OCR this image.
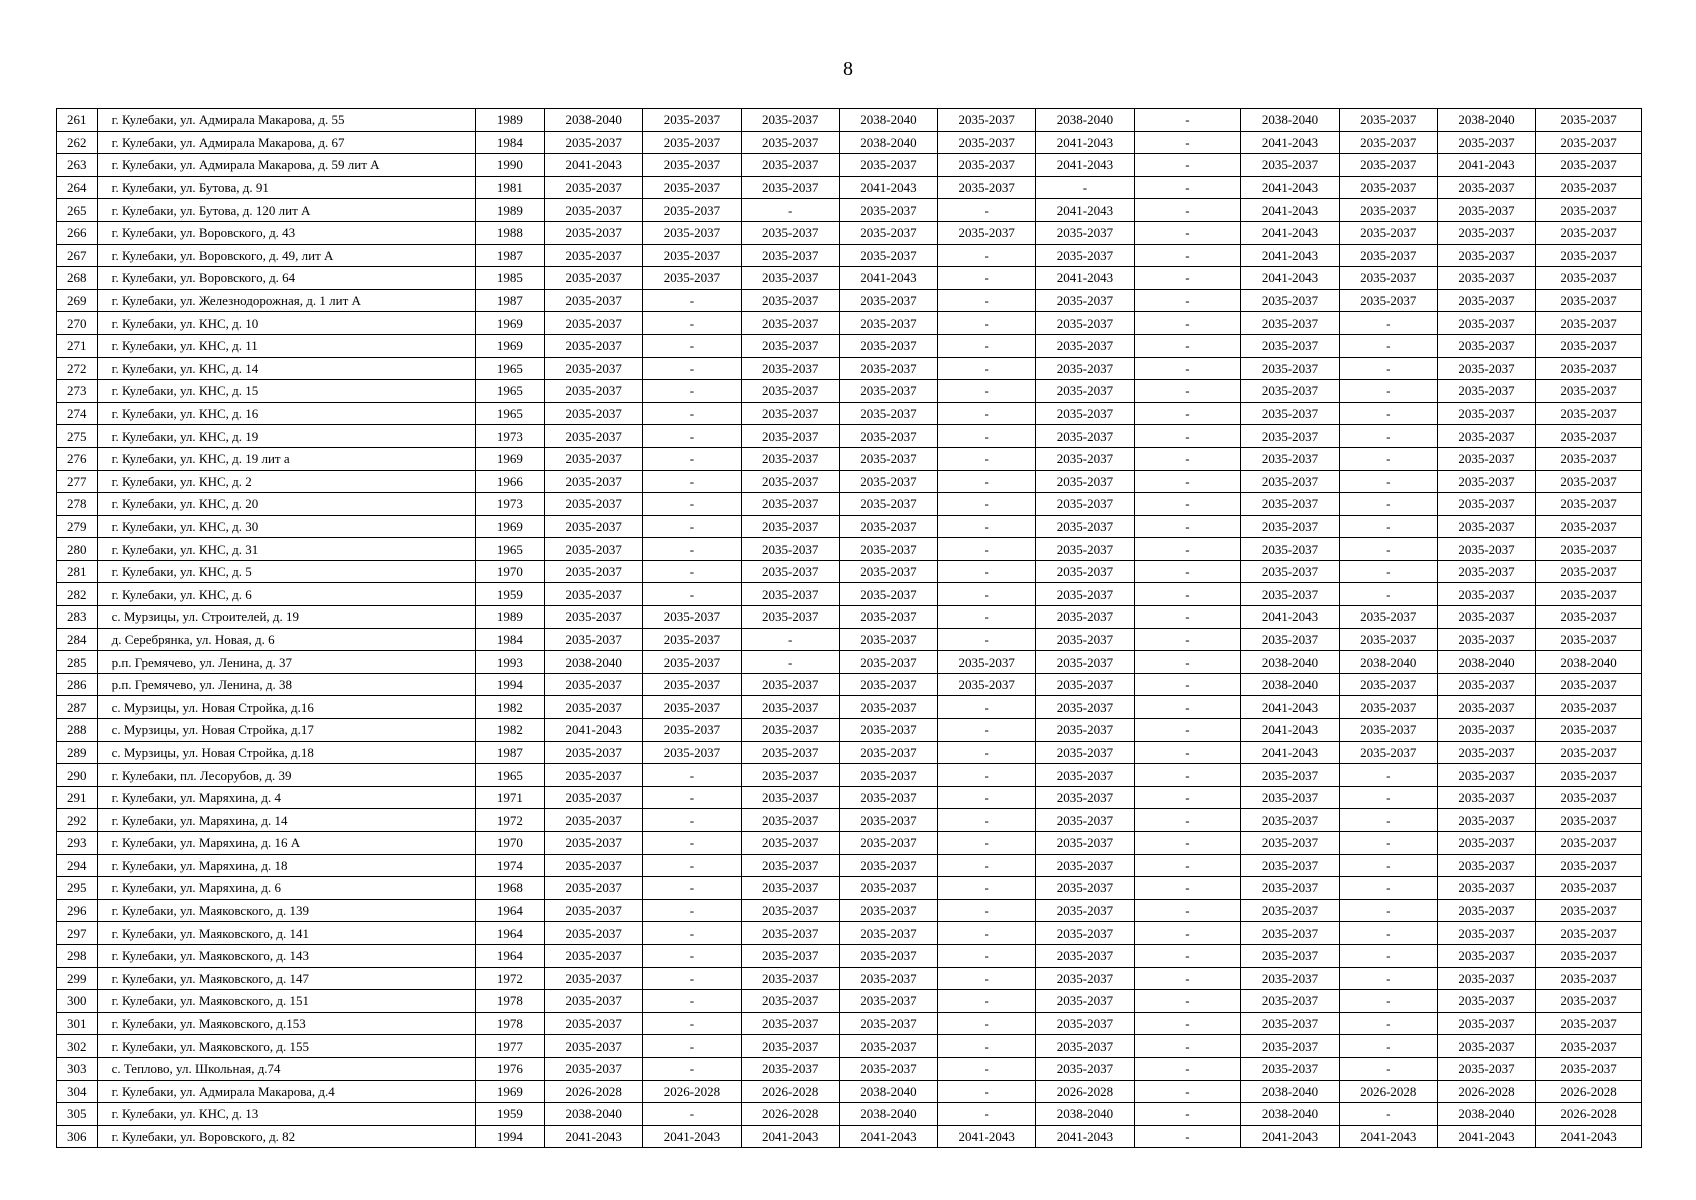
8
261	г. Кулебаки, ул. Адмирала Макарова, д. 55	1989	2038-2040	2035-2037	2035-2037	2038-2040	2035-2037	2038-2040	-	2038-2040	2035-2037	2038-2040	2035-2037
262	г. Кулебаки, ул. Адмирала Макарова, д. 67	1984	2035-2037	2035-2037	2035-2037	2038-2040	2035-2037	2041-2043	-	2041-2043	2035-2037	2035-2037	2035-2037
263	г. Кулебаки, ул. Адмирала Макарова, д. 59 лит А	1990	2041-2043	2035-2037	2035-2037	2035-2037	2035-2037	2041-2043	-	2035-2037	2035-2037	2041-2043	2035-2037
264	г. Кулебаки, ул. Бутова, д. 91	1981	2035-2037	2035-2037	2035-2037	2041-2043	2035-2037	-	-	2041-2043	2035-2037	2035-2037	2035-2037
265	г. Кулебаки, ул. Бутова, д. 120 лит А	1989	2035-2037	2035-2037	-	2035-2037	-	2041-2043	-	2041-2043	2035-2037	2035-2037	2035-2037
266	г. Кулебаки, ул. Воровского, д. 43	1988	2035-2037	2035-2037	2035-2037	2035-2037	2035-2037	2035-2037	-	2041-2043	2035-2037	2035-2037	2035-2037
267	г. Кулебаки, ул. Воровского, д. 49, лит А	1987	2035-2037	2035-2037	2035-2037	2035-2037	-	2035-2037	-	2041-2043	2035-2037	2035-2037	2035-2037
268	г. Кулебаки, ул. Воровского, д. 64	1985	2035-2037	2035-2037	2035-2037	2041-2043	-	2041-2043	-	2041-2043	2035-2037	2035-2037	2035-2037
269	г. Кулебаки, ул. Железнодорожная, д. 1 лит А	1987	2035-2037	-	2035-2037	2035-2037	-	2035-2037	-	2035-2037	2035-2037	2035-2037	2035-2037
270	г. Кулебаки, ул. КНС, д. 10	1969	2035-2037	-	2035-2037	2035-2037	-	2035-2037	-	2035-2037	-	2035-2037	2035-2037
271	г. Кулебаки, ул. КНС, д. 11	1969	2035-2037	-	2035-2037	2035-2037	-	2035-2037	-	2035-2037	-	2035-2037	2035-2037
272	г. Кулебаки, ул. КНС, д. 14	1965	2035-2037	-	2035-2037	2035-2037	-	2035-2037	-	2035-2037	-	2035-2037	2035-2037
273	г. Кулебаки, ул. КНС, д. 15	1965	2035-2037	-	2035-2037	2035-2037	-	2035-2037	-	2035-2037	-	2035-2037	2035-2037
274	г. Кулебаки, ул. КНС, д. 16	1965	2035-2037	-	2035-2037	2035-2037	-	2035-2037	-	2035-2037	-	2035-2037	2035-2037
275	г. Кулебаки, ул. КНС, д. 19	1973	2035-2037	-	2035-2037	2035-2037	-	2035-2037	-	2035-2037	-	2035-2037	2035-2037
276	г. Кулебаки, ул. КНС, д. 19 лит а	1969	2035-2037	-	2035-2037	2035-2037	-	2035-2037	-	2035-2037	-	2035-2037	2035-2037
277	г. Кулебаки, ул. КНС, д. 2	1966	2035-2037	-	2035-2037	2035-2037	-	2035-2037	-	2035-2037	-	2035-2037	2035-2037
278	г. Кулебаки, ул. КНС, д. 20	1973	2035-2037	-	2035-2037	2035-2037	-	2035-2037	-	2035-2037	-	2035-2037	2035-2037
279	г. Кулебаки, ул. КНС, д. 30	1969	2035-2037	-	2035-2037	2035-2037	-	2035-2037	-	2035-2037	-	2035-2037	2035-2037
280	г. Кулебаки, ул. КНС, д. 31	1965	2035-2037	-	2035-2037	2035-2037	-	2035-2037	-	2035-2037	-	2035-2037	2035-2037
281	г. Кулебаки, ул. КНС, д. 5	1970	2035-2037	-	2035-2037	2035-2037	-	2035-2037	-	2035-2037	-	2035-2037	2035-2037
282	г. Кулебаки, ул. КНС, д. 6	1959	2035-2037	-	2035-2037	2035-2037	-	2035-2037	-	2035-2037	-	2035-2037	2035-2037
283	с. Мурзицы, ул. Строителей, д. 19	1989	2035-2037	2035-2037	2035-2037	2035-2037	-	2035-2037	-	2041-2043	2035-2037	2035-2037	2035-2037
284	д. Серебрянка, ул. Новая, д. 6	1984	2035-2037	2035-2037	-	2035-2037	-	2035-2037	-	2035-2037	2035-2037	2035-2037	2035-2037
285	р.п. Гремячево, ул. Ленина, д. 37	1993	2038-2040	2035-2037	-	2035-2037	2035-2037	2035-2037	-	2038-2040	2038-2040	2038-2040	2038-2040
286	р.п. Гремячево, ул. Ленина, д. 38	1994	2035-2037	2035-2037	2035-2037	2035-2037	2035-2037	2035-2037	-	2038-2040	2035-2037	2035-2037	2035-2037
287	с. Мурзицы, ул. Новая Стройка, д.16	1982	2035-2037	2035-2037	2035-2037	2035-2037	-	2035-2037	-	2041-2043	2035-2037	2035-2037	2035-2037
288	с. Мурзицы, ул. Новая Стройка, д.17	1982	2041-2043	2035-2037	2035-2037	2035-2037	-	2035-2037	-	2041-2043	2035-2037	2035-2037	2035-2037
289	с. Мурзицы, ул. Новая Стройка, д.18	1987	2035-2037	2035-2037	2035-2037	2035-2037	-	2035-2037	-	2041-2043	2035-2037	2035-2037	2035-2037
290	г. Кулебаки, пл. Лесорубов, д. 39	1965	2035-2037	-	2035-2037	2035-2037	-	2035-2037	-	2035-2037	-	2035-2037	2035-2037
291	г. Кулебаки, ул. Маряхина, д. 4	1971	2035-2037	-	2035-2037	2035-2037	-	2035-2037	-	2035-2037	-	2035-2037	2035-2037
292	г. Кулебаки, ул. Маряхина, д. 14	1972	2035-2037	-	2035-2037	2035-2037	-	2035-2037	-	2035-2037	-	2035-2037	2035-2037
293	г. Кулебаки, ул. Маряхина, д. 16 А	1970	2035-2037	-	2035-2037	2035-2037	-	2035-2037	-	2035-2037	-	2035-2037	2035-2037
294	г. Кулебаки, ул. Маряхина, д. 18	1974	2035-2037	-	2035-2037	2035-2037	-	2035-2037	-	2035-2037	-	2035-2037	2035-2037
295	г. Кулебаки, ул. Маряхина, д. 6	1968	2035-2037	-	2035-2037	2035-2037	-	2035-2037	-	2035-2037	-	2035-2037	2035-2037
296	г. Кулебаки, ул. Маяковского, д. 139	1964	2035-2037	-	2035-2037	2035-2037	-	2035-2037	-	2035-2037	-	2035-2037	2035-2037
297	г. Кулебаки, ул. Маяковского, д. 141	1964	2035-2037	-	2035-2037	2035-2037	-	2035-2037	-	2035-2037	-	2035-2037	2035-2037
298	г. Кулебаки, ул. Маяковского, д. 143	1964	2035-2037	-	2035-2037	2035-2037	-	2035-2037	-	2035-2037	-	2035-2037	2035-2037
299	г. Кулебаки, ул. Маяковского, д. 147	1972	2035-2037	-	2035-2037	2035-2037	-	2035-2037	-	2035-2037	-	2035-2037	2035-2037
300	г. Кулебаки, ул. Маяковского, д. 151	1978	2035-2037	-	2035-2037	2035-2037	-	2035-2037	-	2035-2037	-	2035-2037	2035-2037
301	г. Кулебаки, ул. Маяковского, д.153	1978	2035-2037	-	2035-2037	2035-2037	-	2035-2037	-	2035-2037	-	2035-2037	2035-2037
302	г. Кулебаки, ул. Маяковского, д. 155	1977	2035-2037	-	2035-2037	2035-2037	-	2035-2037	-	2035-2037	-	2035-2037	2035-2037
303	с. Теплово, ул. Школьная, д.74	1976	2035-2037	-	2035-2037	2035-2037	-	2035-2037	-	2035-2037	-	2035-2037	2035-2037
304	г. Кулебаки, ул. Адмирала Макарова, д.4	1969	2026-2028	2026-2028	2026-2028	2038-2040	-	2026-2028	-	2038-2040	2026-2028	2026-2028	2026-2028
305	г. Кулебаки, ул. КНС, д. 13	1959	2038-2040	-	2026-2028	2038-2040	-	2038-2040	-	2038-2040	-	2038-2040	2026-2028
306	г. Кулебаки, ул. Воровского, д. 82	1994	2041-2043	2041-2043	2041-2043	2041-2043	2041-2043	2041-2043	-	2041-2043	2041-2043	2041-2043	2041-2043
